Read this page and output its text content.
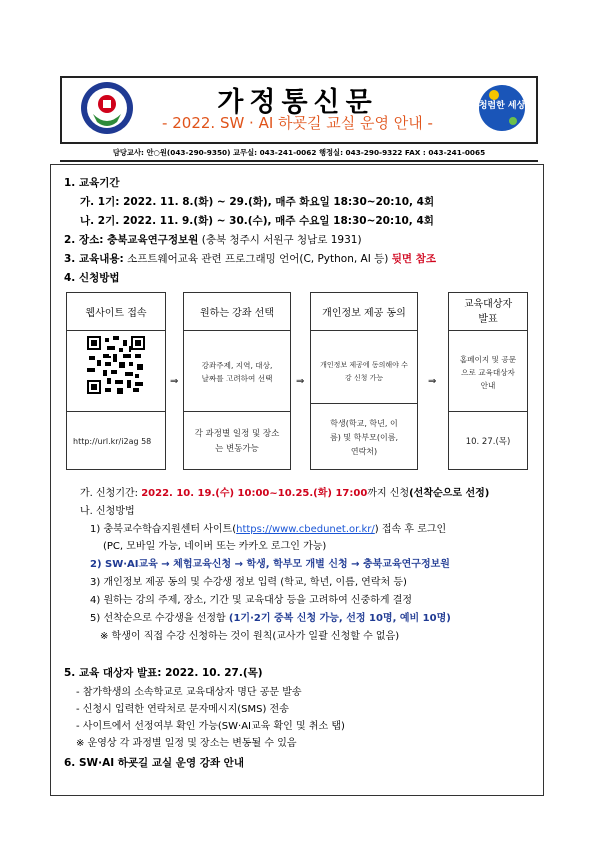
가정통신문
- 2022. SW · AI 하굣길 교실 운영 안내 -
청렴한 세상
담당교사: 안○원(043-290-9350) 교무실: 043-241-0062 행정실: 043-290-9322 FAX : 043-241-0065
1. 교육기간
가. 1기: 2022. 11. 8.(화) ~ 29.(화), 매주 화요일 18:30~20:10, 4회
나. 2기. 2022. 11. 9.(화) ~ 30.(수), 매주 수요일 18:30~20:10, 4회
2. 장소: 충북교육연구정보원 (충북 청주시 서원구 청남로 1931)
3. 교육내용: 소프트웨어교육 관련 프로그래밍 언어(C, Python, AI 등) 뒷면 참조
4. 신청방법
웹사이트 접속
http://url.kr/i2ag 58
⇒
원하는 강좌 선택
강좌주제, 지역, 대상, 날짜를 고려하여 선택
각 과정별 일정 및 장소는 변동가능
⇒
개인정보 제공 동의
개인정보 제공에 동의해야 수강 신청 가능
학생(학교, 학년, 이름) 및 학부모(이름, 연락처)
⇒
교육대상자 발표
홈페이지 및 공문으로 교육대상자 안내
10. 27.(목)
가. 신청기간: 2022. 10. 19.(수) 10:00~10.25.(화) 17:00까지 신청(선착순으로 선정)
나. 신청방법
1) 충북교수학습지원센터 사이트(https://www.cbedunet.or.kr/) 접속 후 로그인
(PC, 모바일 가능, 네이버 또는 카카오 로그인 가능)
2) SW·AI교육 → 체험교육신청 → 학생, 학부모 개별 신청 → 충북교육연구정보원
3) 개인정보 제공 동의 및 수강생 정보 입력 (학교, 학년, 이름, 연락처 등)
4) 원하는 강의 주제, 장소, 기간 및 교육대상 등을 고려하여 신중하게 결정
5) 선착순으로 수강생을 선정함 (1기·2기 중복 신청 가능, 선정 10명, 예비 10명)
※ 학생이 직접 수강 신청하는 것이 원칙(교사가 일괄 신청할 수 없음)
5. 교육 대상자 발표: 2022. 10. 27.(목)
- 참가학생의 소속학교로 교육대상자 명단 공문 발송
- 신청시 입력한 연락처로 문자메시지(SMS) 전송
- 사이트에서 선정여부 확인 가능(SW·AI교육 확인 및 취소 탭)
※ 운영상 각 과정별 일정 및 장소는 변동될 수 있음
6. SW·AI 하굣길 교실 운영 강좌 안내
